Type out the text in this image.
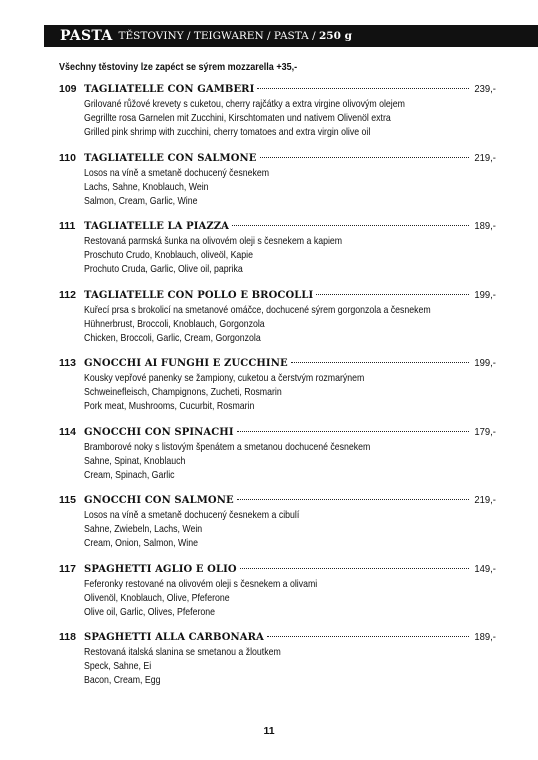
PASTA TĚSTOVINY / TEIGWAREN / PASTA / 250 g
Všechny těstoviny lze zapéct se sýrem mozzarella +35,-
109 TAGLIATELLE CON GAMBERI	239,-
Grilované růžové krevety s cuketou, cherry rajčátky a extra virgine olivovým olejem
Gegrillte rosa Garnelen mit Zucchini, Kirschtomaten und nativem Olivenöl extra
Grilled pink shrimp with zucchini, cherry tomatoes and extra virgin olive oil
110 TAGLIATELLE CON SALMONE	219,-
Losos na víně a smetaně dochucený česnekem
Lachs, Sahne, Knoblauch, Wein
Salmon, Cream, Garlic, Wine
111 TAGLIATELLE LA PIAZZA	189,-
Restovaná parmská šunka na olivovém oleji s česnekem a kapiem
Proschuto Crudo, Knoblauch, oliveöl, Kapie
Prochuto Cruda, Garlic, Olive oil, paprika
112 TAGLIATELLE CON POLLO E BROCOLLI	199,-
Kuřecí prsa s brokolicí na smetanové omáčce, dochucené sýrem gorgonzola a česnekem
Hühnerbrust, Broccoli, Knoblauch, Gorgonzola
Chicken, Broccoli, Garlic, Cream, Gorgonzola
113 GNOCCHI AI FUNGHI E ZUCCHINE	199,-
Kousky vepřové panenky se žampiony, cuketou a čerstvým rozmarýnem
Schweinefleisch, Champignons, Zucheti, Rosmarin
Pork meat, Mushrooms, Cucurbit, Rosmarin
114 GNOCCHI CON SPINACHI	179,-
Bramborové noky s listovým špenátem a smetanou dochucené česnekem
Sahne, Spinat, Knoblauch
Cream, Spinach, Garlic
115 GNOCCHI CON SALMONE	219,-
Losos na víně a smetaně dochucený česnekem a cibulí
Sahne, Zwiebeln, Lachs, Wein
Cream, Onion, Salmon, Wine
117 SPAGHETTI AGLIO E OLIO	149,-
Feferonky restované na olivovém oleji s česnekem a olivami
Olivenöl, Knoblauch, Olive, Pfeferone
Olive oil, Garlic, Olives, Pfeferone
118 SPAGHETTI ALLA CARBONARA	189,-
Restovaná italská slanina se smetanou a žloutkem
Speck, Sahne, Ei
Bacon, Cream, Egg
11
